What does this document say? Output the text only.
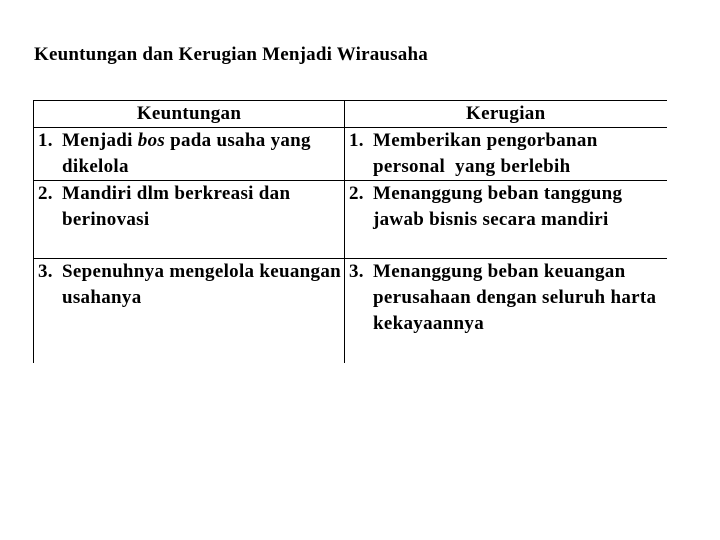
Keuntungan dan Kerugian Menjadi Wirausaha
Keuntungan	Kerugian

1. Menjadi bos pada usaha yang dikelola	1. Memberikan pengorbanan personal  yang berlebih

2. Mandiri dlm berkreasi dan berinovasi	2. Menanggung beban tanggung jawab bisnis secara mandiri

3. Sepenuhnya mengelola keuangan usahanya	3. Menanggung beban keuangan perusahaan dengan seluruh harta kekayaannya
